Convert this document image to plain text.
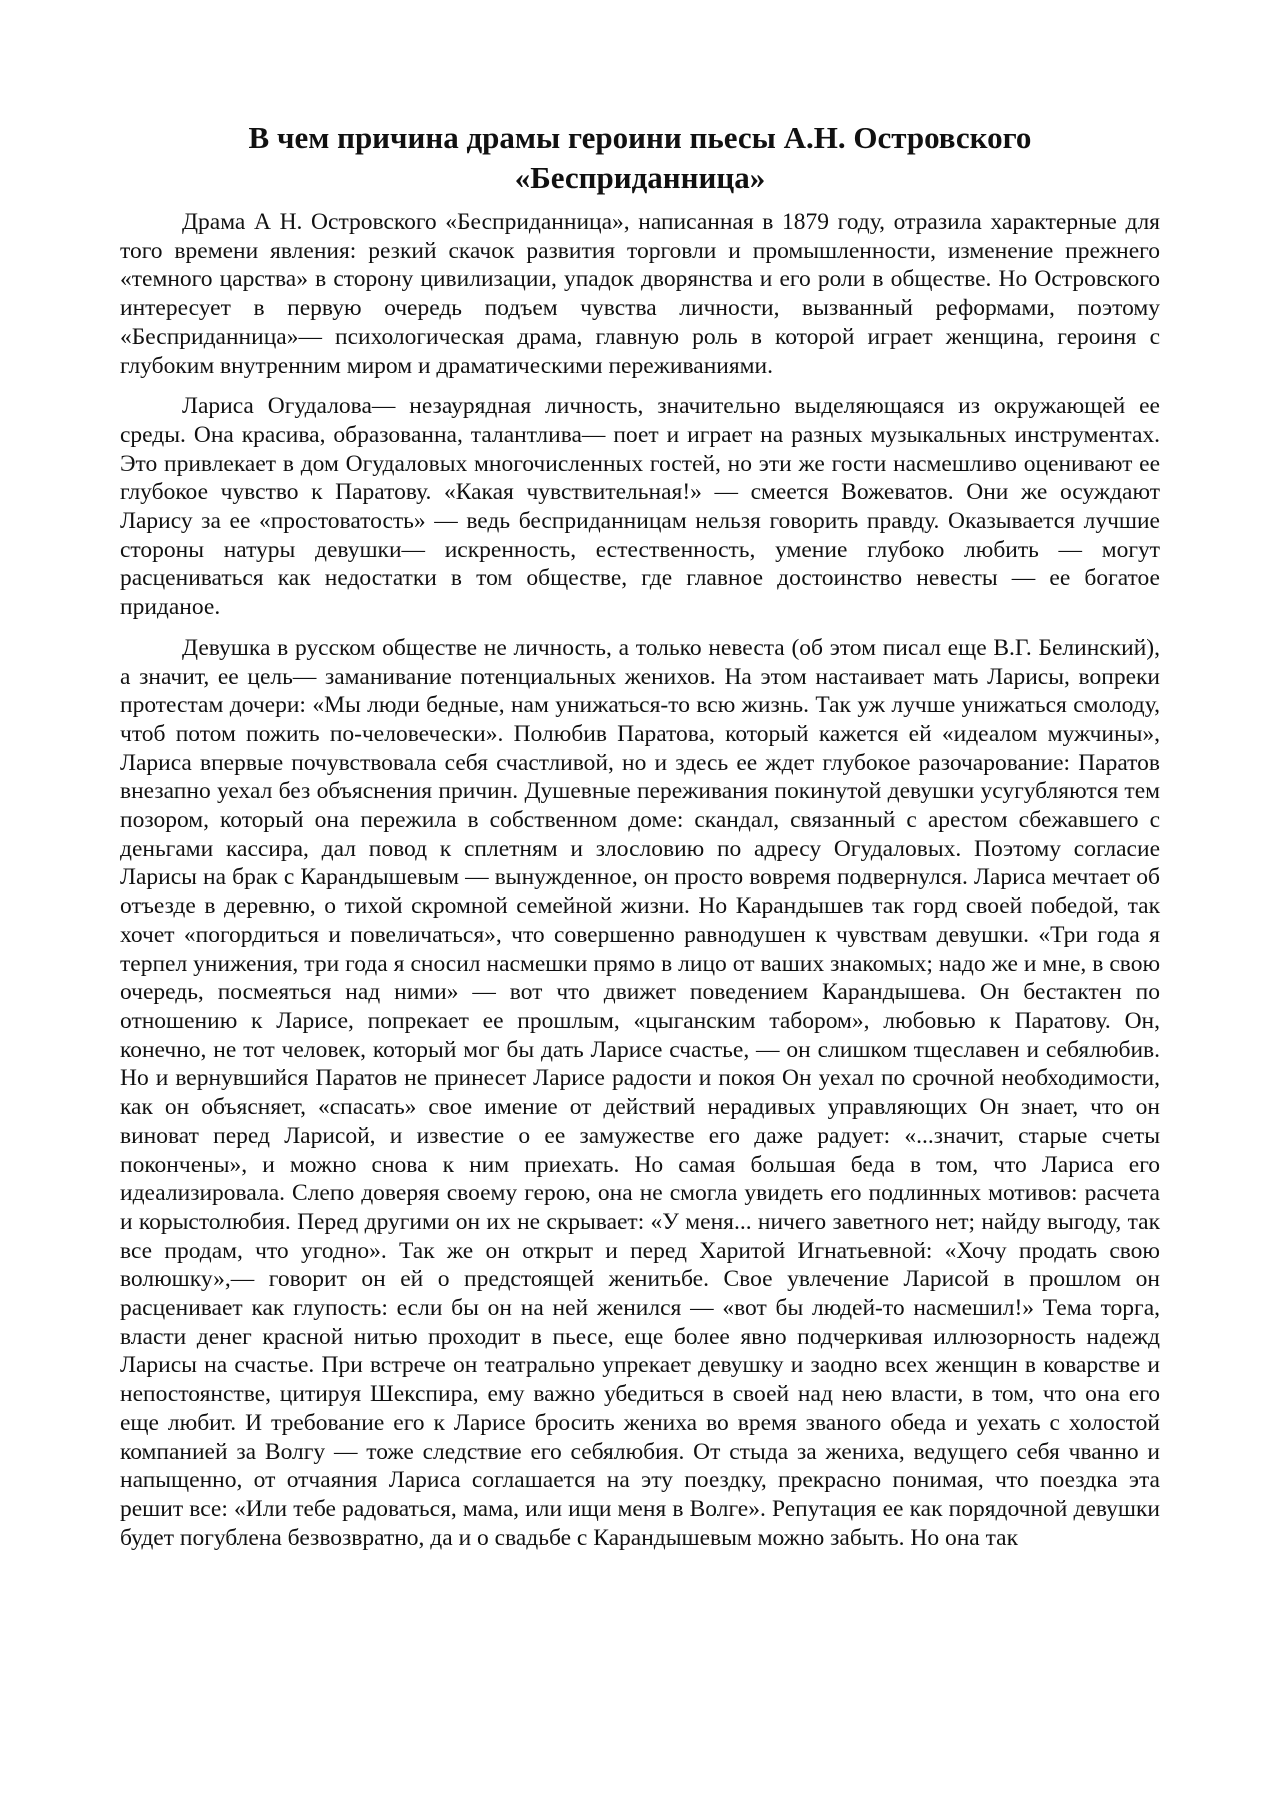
В чем причина драмы героини пьесы А.Н. Островского «Бесприданница»

Драма А Н. Островского «Бесприданница», написанная в 1879 году, отразила характерные для того времени явления: резкий скачок развития торговли и промышленности, изменение прежнего «темного царства» в сторону цивилизации, упадок дворянства и его роли в обществе. Но Островского интересует в первую очередь подъем чувства личности, вызванный реформами, поэтому «Бесприданница»— психологическая драма, главную роль в которой играет женщина, героиня с глубоким внутренним миром и драматическими переживаниями.

Лариса Огудалова— незаурядная личность, значительно выделяющаяся из окружающей ее среды. Она красива, образованна, талантлива— поет и играет на разных музыкальных инструментах. Это привлекает в дом Огудаловых многочисленных гостей, но эти же гости насмешливо оценивают ее глубокое чувство к Паратову. «Какая чувствительная!» — смеется Вожеватов. Они же осуждают Ларису за ее «простоватость» — ведь бесприданницам нельзя говорить правду. Оказывается лучшие стороны натуры девушки— искренность, естественность, умение глубоко любить — могут расцениваться как недостатки в том обществе, где главное достоинство невесты — ее богатое приданое.

Девушка в русском обществе не личность, а только невеста (об этом писал еще В.Г. Белинский), а значит, ее цель— заманивание потенциальных женихов. На этом настаивает мать Ларисы, вопреки протестам дочери: «Мы люди бедные, нам унижаться-то всю жизнь. Так уж лучше унижаться смолоду, чтоб потом пожить по-человечески». Полюбив Паратова, который кажется ей «идеалом мужчины», Лариса впервые почувствовала себя счастливой, но и здесь ее ждет глубокое разочарование: Паратов внезапно уехал без объяснения причин. Душевные переживания покинутой девушки усугубляются тем позором, который она пережила в собственном доме: скандал, связанный с арестом сбежавшего с деньгами кассира, дал повод к сплетням и злословию по адресу Огудаловых. Поэтому согласие Ларисы на брак с Карандышевым — вынужденное, он просто вовремя подвернулся. Лариса мечтает об отъезде в деревню, о тихой скромной семейной жизни. Но Карандышев так горд своей победой, так хочет «погордиться и повеличаться», что совершенно равнодушен к чувствам девушки. «Три года я терпел унижения, три года я сносил насмешки прямо в лицо от ваших знакомых; надо же и мне, в свою очередь, посмеяться над ними» — вот что движет поведением Карандышева. Он бестактен по отношению к Ларисе, попрекает ее прошлым, «цыганским табором», любовью к Паратову. Он, конечно, не тот человек, который мог бы дать Ларисе счастье, — он слишком тщеславен и себялюбив. Но и вернувшийся Паратов не принесет Ларисе радости и покоя Он уехал по срочной необходимости, как он объясняет, «спасать» свое имение от действий нерадивых управляющих Он знает, что он виноват перед Ларисой, и известие о ее замужестве его даже радует: «...значит, старые счеты покончены», и можно снова к ним приехать. Но самая большая беда в том, что Лариса его идеализировала. Слепо доверяя своему герою, она не смогла увидеть его подлинных мотивов: расчета и корыстолюбия. Перед другими он их не скрывает: «У меня... ничего заветного нет; найду выгоду, так все продам, что угодно». Так же он открыт и перед Харитой Игнатьевной: «Хочу продать свою волюшку»,— говорит он ей о предстоящей женитьбе. Свое увлечение Ларисой в прошлом он расценивает как глупость: если бы он на ней женился — «вот бы людей-то насмешил!» Тема торга, власти денег красной нитью проходит в пьесе, еще более явно подчеркивая иллюзорность надежд Ларисы на счастье. При встрече он театрально упрекает девушку и заодно всех женщин в коварстве и непостоянстве, цитируя Шекспира, ему важно убедиться в своей над нею власти, в том, что она его еще любит. И требование его к Ларисе бросить жениха во время званого обеда и уехать с холостой компанией за Волгу — тоже следствие его себялюбия. От стыда за жениха, ведущего себя чванно и напыщенно, от отчаяния Лариса соглашается на эту поездку, прекрасно понимая, что поездка эта решит все: «Или тебе радоваться, мама, или ищи меня в Волге». Репутация ее как порядочной девушки будет погублена безвозвратно, да и о свадьбе с Карандышевым можно забыть. Но она так
